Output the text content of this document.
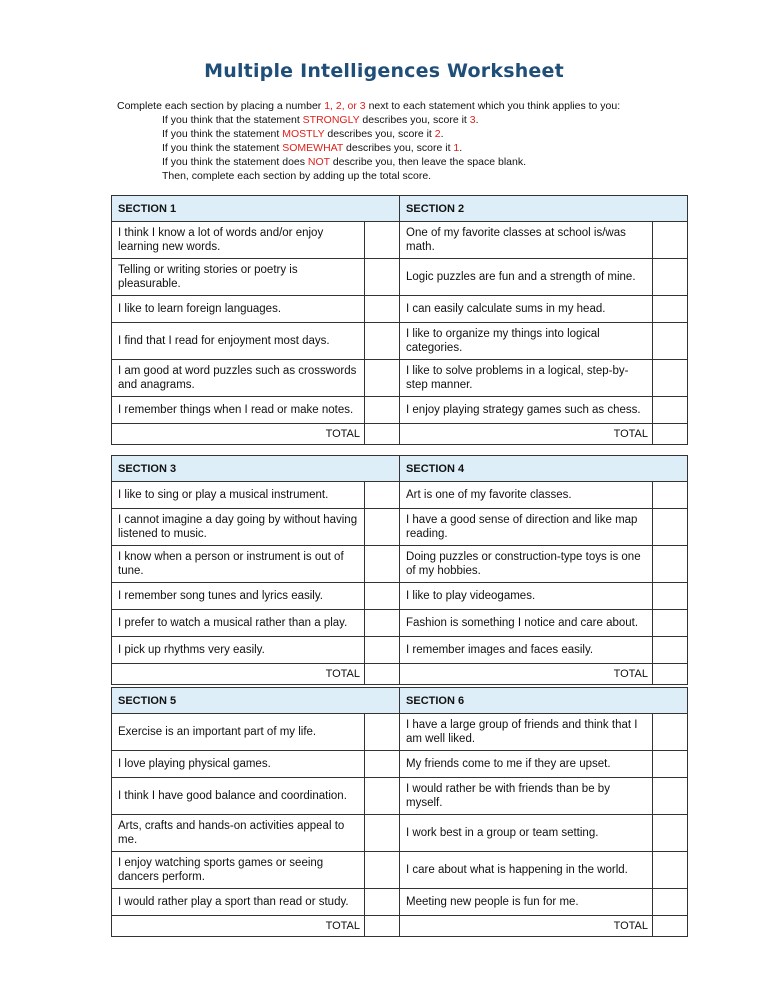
Multiple Intelligences Worksheet
Complete each section by placing a number 1, 2, or 3 next to each statement which you think applies to you:
If you think that the statement STRONGLY describes you, score it 3.
If you think the statement MOSTLY describes you, score it 2.
If you think the statement SOMEWHAT describes you, score it 1.
If you think the statement does NOT describe you, then leave the space blank.
Then, complete each section by adding up the total score.
SECTION 1		SECTION 2	
I think I know a lot of words and/or enjoy learning new words.		One of my favorite classes at school is/was math.	
Telling or writing stories or poetry is pleasurable.		Logic puzzles are fun and a strength of mine.	
I like to learn foreign languages.		I can easily calculate sums in my head.	
I find that I read for enjoyment most days.		I like to organize my things into logical categories.	
I am good at word puzzles such as crosswords and anagrams.		I like to solve problems in a logical, step-by-step manner.	
I remember things when I read or make notes.		I enjoy playing strategy games such as chess.	
TOTAL		TOTAL	
SECTION 3		SECTION 4	
I like to sing or play a musical instrument.		Art is one of my favorite classes.	
I cannot imagine a day going by without having listened to music.		I have a good sense of direction and like map reading.	
I know when a person or instrument is out of tune.		Doing puzzles or construction-type toys is one of my hobbies.	
I remember song tunes and lyrics easily.		I like to play videogames.	
I prefer to watch a musical rather than a play.		Fashion is something I notice and care about.	
I pick up rhythms very easily.		I remember images and faces easily.	
TOTAL		TOTAL	
SECTION 5		SECTION 6	
Exercise is an important part of my life.		I have a large group of friends and think that I am well liked.	
I love playing physical games.		My friends come to me if they are upset.	
I think I have good balance and coordination.		I would rather be with friends than be by myself.	
Arts, crafts and hands-on activities appeal to me.		I work best in a group or team setting.	
I enjoy watching sports games or seeing dancers perform.		I care about what is happening in the world.	
I would rather play a sport than read or study.		Meeting new people is fun for me.	
TOTAL		TOTAL	
